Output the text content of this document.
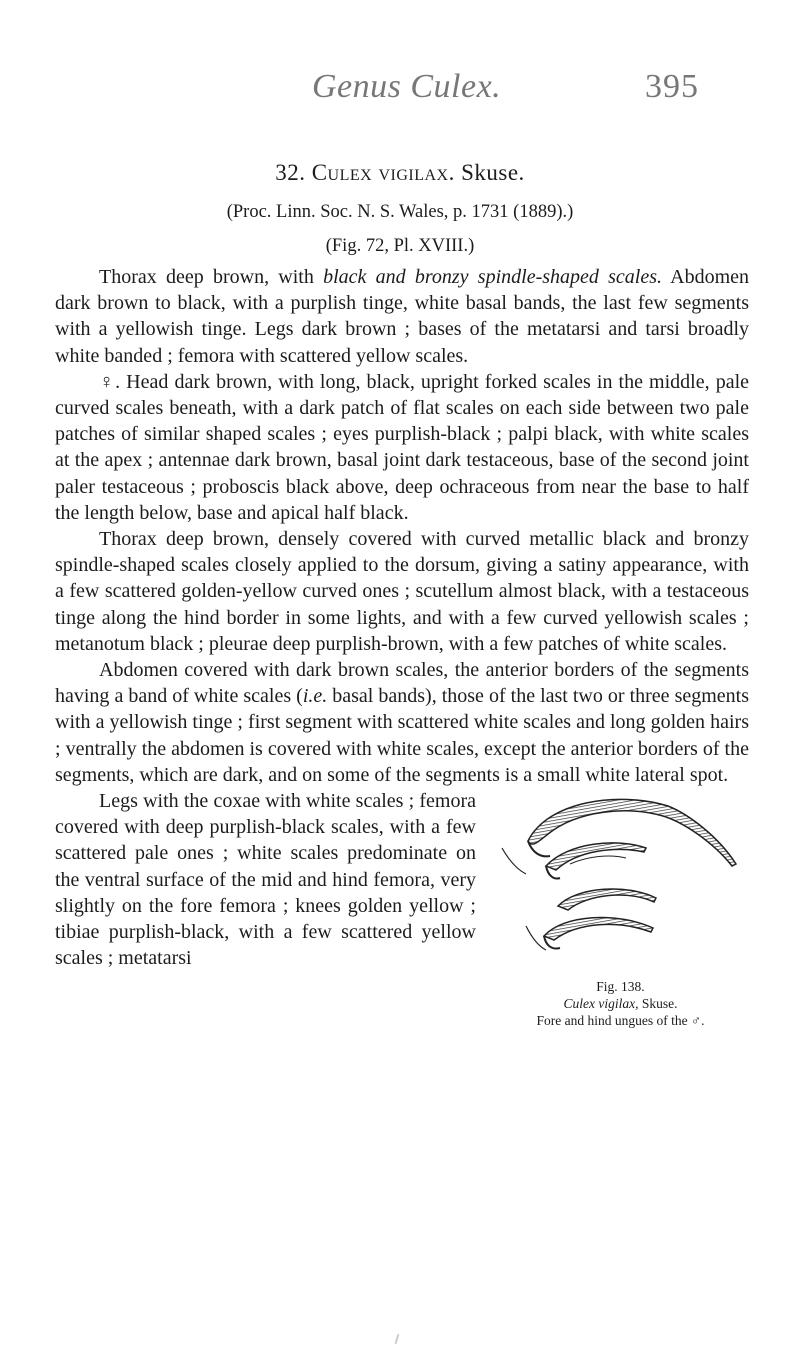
Genus Culex.	395
32. Culex vigilax. Skuse.
(Proc. Linn. Soc. N. S. Wales, p. 1731 (1889).)
(Fig. 72, Pl. XVIII.)

Thorax deep brown, with black and bronzy spindle-shaped scales. Abdomen dark brown to black, with a purplish tinge, white basal bands, the last few segments with a yellowish tinge. Legs dark brown ; bases of the metatarsi and tarsi broadly white banded ; femora with scattered yellow scales.

♀. Head dark brown, with long, black, upright forked scales in the middle, pale curved scales beneath, with a dark patch of flat scales on each side between two pale patches of similar shaped scales ; eyes purplish-black ; palpi black, with white scales at the apex ; antennae dark brown, basal joint dark testaceous, base of the second joint paler testaceous ; proboscis black above, deep ochraceous from near the base to half the length below, base and apical half black.

Thorax deep brown, densely covered with curved metallic black and bronzy spindle-shaped scales closely applied to the dorsum, giving a satiny appearance, with a few scattered golden-yellow curved ones ; scutellum almost black, with a testaceous tinge along the hind border in some lights, and with a few curved yellowish scales ; metanotum black ; pleurae deep purplish-brown, with a few patches of white scales.

Abdomen covered with dark brown scales, the anterior borders of the segments having a band of white scales (i.e. basal bands), those of the last two or three segments with a yellowish tinge ; first segment with scattered white scales and long golden hairs ; ventrally the abdomen is covered with white scales, except the anterior borders of the segments, which are dark, and on some of the segments is a small white lateral spot.

Fig. 138.
Culex vigilax, Skuse.
Fore and hind ungues of the ♂.

Legs with the coxae with white scales ; femora covered with deep purplish-black scales, with a few scattered pale ones ; white scales predominate on the ventral surface of the mid and hind femora, very slightly on the fore femora ; knees golden yellow ; tibiae purplish-black, with a few scattered yellow scales ; metatarsi
